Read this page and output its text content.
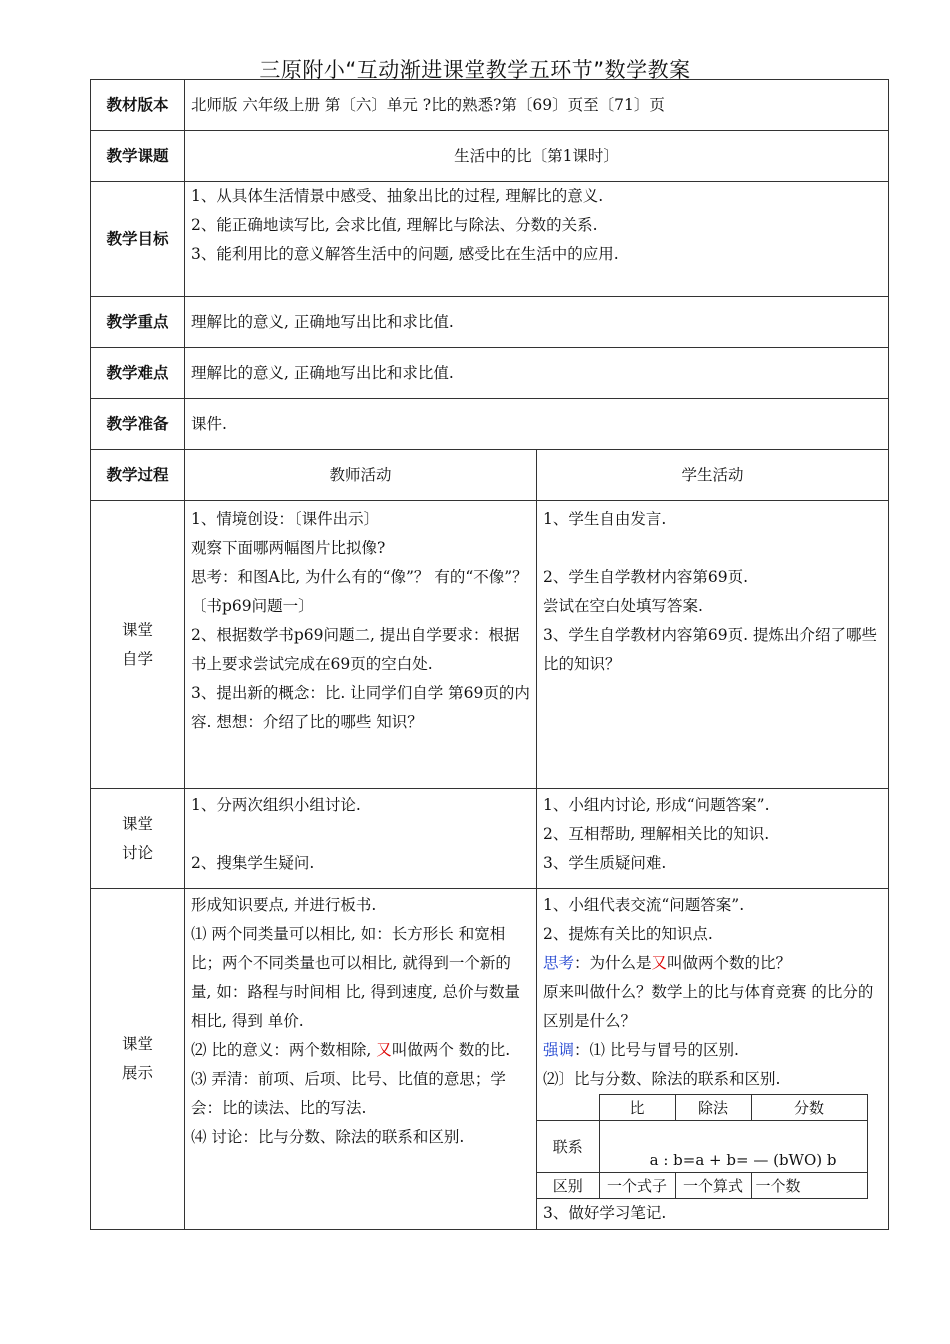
三原附小“互动渐进课堂教学五环节”数学教案
教材版本	北师版 六年级上册 第〔六〕单元 ?比的熟悉?第〔69〕页至〔71〕页
教学课题	生活中的比〔第1课时〕
教学目标	
1、从具体生活情景中感受、抽象出比的过程, 理解比的意义.
2、能正确地读写比, 会求比值, 理解比与除法、分数的关系.
3、能利用比的意义解答生活中的问题, 感受比在生活中的应用.

教学重点	理解比的意义, 正确地写出比和求比值.
教学难点	理解比的意义, 正确地写出比和求比值.
教学准备	课件.
教学过程	教师活动	学生活动

课堂
自学

1、情境创设：〔课件出示〕
观察下面哪两幅图片比拟像?
思考：和图A比, 为什么有的“像”？ 有的“不像”？〔书p69问题一〕
2、根据数学书p69问题二, 提出自学要求：根据书上要求尝试完成在69页的空白处.
3、提出新的概念：比. 让同学们自学 第69页的内容. 想想：介绍了比的哪些 知识？

1、学生自由发言.
2、学生自学教材内容第69页.
尝试在空白处填写答案.
3、学生自学教材内容第69页. 提炼出介绍了哪些比的知识？

课堂
讨论

1、分两次组织小组讨论.
2、搜集学生疑问.

1、小组内讨论, 形成“问题答案”.
2、互相帮助, 理解相关比的知识.
3、学生质疑问难.

课堂
展示

形成知识要点, 并进行板书.
⑴ 两个同类量可以相比, 如：长方形长 和宽相比；两个不同类量也可以相比, 就得到一个新的量, 如：路程与时间相 比, 得到速度, 总价与数量相比, 得到 单价.
⑵ 比的意义：两个数相除, 又叫做两个 数的比.
⑶ 弄清：前项、后项、比号、比值的意思；学会：比的读法、比的写法.
⑷ 讨论：比与分数、除法的联系和区别.

1、小组代表交流“问题答案”.
2、提炼有关比的知识点.
思考：为什么是又叫做两个数的比？
原来叫做什么？数学上的比与体育竞赛 的比分的区别是什么？
强调：⑴ 比号与冒号的区别.
⑵〕比与分数、除法的联系和区别.
	比	除法	分数
联系	a : b=a + b= — (bWO) b
区别	一个式子	一个算式	一个数
3、做好学习笔记.
